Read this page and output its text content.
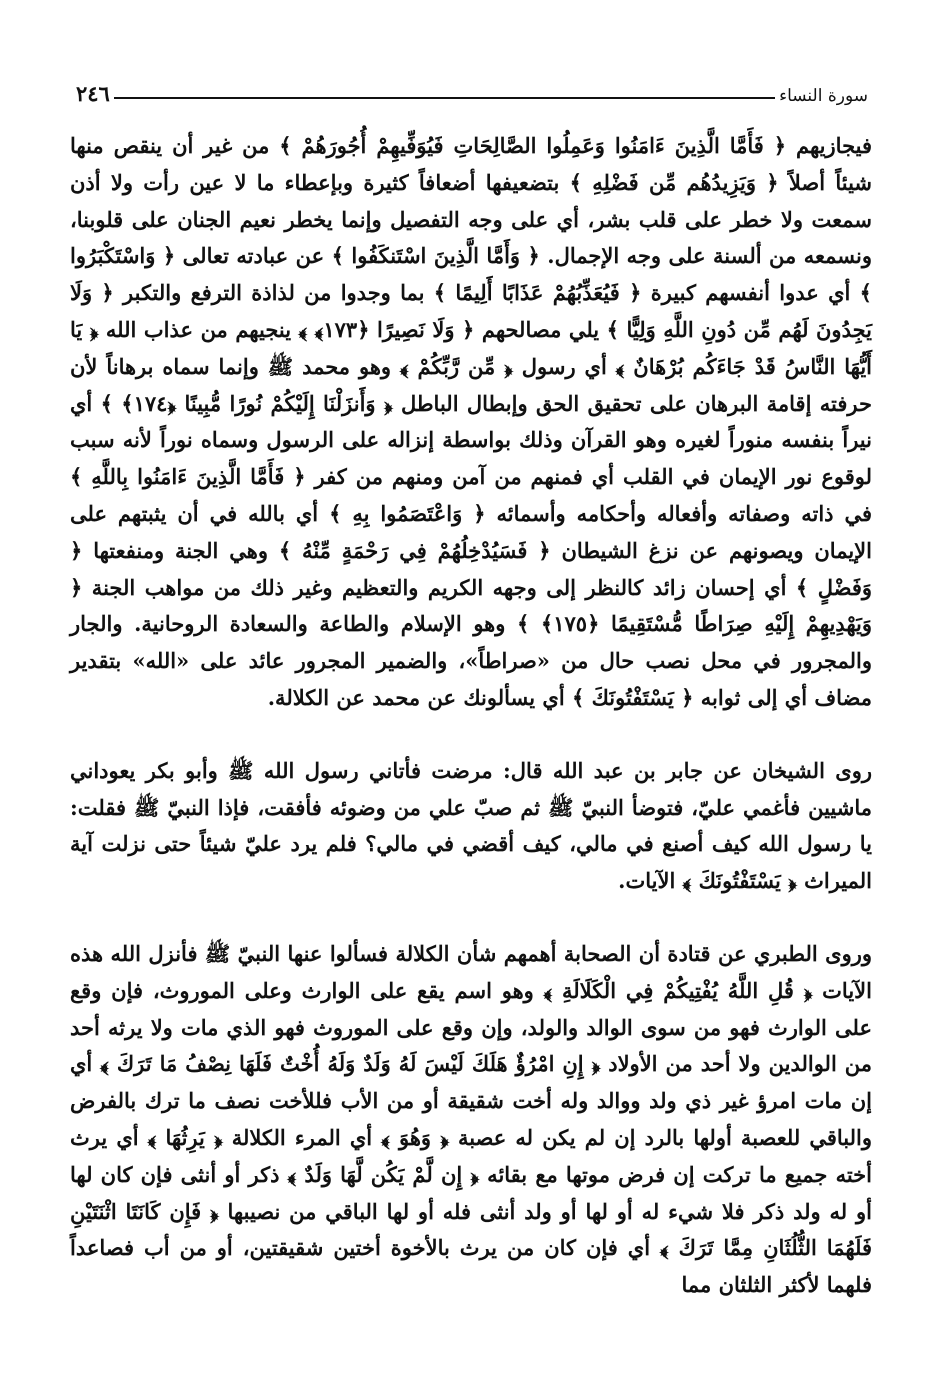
سورة النساء
٢٤٦

فيجازيهم ﴿ فَأَمَّا الَّذِينَ ءَامَنُوا وَعَمِلُوا الصَّالِحَاتِ فَيُوَفِّيهِمْ أُجُورَهُمْ ﴾ من غير أن ينقص منها شيئاً أصلاً ﴿ وَيَزِيدُهُم مِّن فَضْلِهِ ﴾ بتضعيفها أضعافاً كثيرة وبإعطاء ما لا عين رأت ولا أذن سمعت ولا خطر على قلب بشر، أي على وجه التفصيل وإنما يخطر نعيم الجنان على قلوبنا، ونسمعه من ألسنة على وجه الإجمال. ﴿ وَأَمَّا الَّذِينَ اسْتَنكَفُوا ﴾ عن عبادته تعالى ﴿ وَاسْتَكْبَرُوا ﴾ أي عدوا أنفسهم كبيرة ﴿ فَيُعَذِّبُهُمْ عَذَابًا أَلِيمًا ﴾ بما وجدوا من لذاذة الترفع والتكبر ﴿ وَلَا يَجِدُونَ لَهُم مِّن دُونِ اللَّهِ وَلِيًّا ﴾ يلي مصالحهم ﴿ وَلَا نَصِيرًا ﴿١٧٣﴾ ﴾ ينجيهم من عذاب الله ﴿ يَا أَيُّهَا النَّاسُ قَدْ جَاءَكُم بُرْهَانٌ ﴾ أي رسول ﴿ مِّن رَّبِّكُمْ ﴾ وهو محمد ﷺ وإنما سماه برهاناً لأن حرفته إقامة البرهان على تحقيق الحق وإبطال الباطل ﴿ وَأَنزَلْنَا إِلَيْكُمْ نُورًا مُّبِينًا ﴿١٧٤﴾ ﴾ أي نيراً بنفسه منوراً لغيره وهو القرآن وذلك بواسطة إنزاله على الرسول وسماه نوراً لأنه سبب لوقوع نور الإيمان في القلب أي فمنهم من آمن ومنهم من كفر ﴿ فَأَمَّا الَّذِينَ ءَامَنُوا بِاللَّهِ ﴾ في ذاته وصفاته وأفعاله وأحكامه وأسمائه ﴿ وَاعْتَصَمُوا بِهِ ﴾ أي بالله في أن يثبتهم على الإيمان ويصونهم عن نزغ الشيطان ﴿ فَسَيُدْخِلُهُمْ فِي رَحْمَةٍ مِّنْهُ ﴾ وهي الجنة ومنفعتها ﴿ وَفَضْلٍ ﴾ أي إحسان زائد كالنظر إلى وجهه الكريم والتعظيم وغير ذلك من مواهب الجنة ﴿ وَيَهْدِيهِمْ إِلَيْهِ صِرَاطًا مُّسْتَقِيمًا ﴿١٧٥﴾ ﴾ وهو الإسلام والطاعة والسعادة الروحانية. والجار والمجرور في محل نصب حال من «صراطاً»، والضمير المجرور عائد على «الله» بتقدير مضاف أي إلى ثوابه ﴿ يَسْتَفْتُونَكَ ﴾ أي يسألونك عن محمد عن الكلالة.

روى الشيخان عن جابر بن عبد الله قال: مرضت فأتاني رسول الله ﷺ وأبو بكر يعوداني ماشيين فأغمي عليّ، فتوضأ النبيّ ﷺ ثم صبّ علي من وضوئه فأفقت، فإذا النبيّ ﷺ فقلت: يا رسول الله كيف أصنع في مالي، كيف أقضي في مالي؟ فلم يرد عليّ شيئاً حتى نزلت آية الميراث ﴿ يَسْتَفْتُونَكَ ﴾ الآيات.

وروى الطبري عن قتادة أن الصحابة أهمهم شأن الكلالة فسألوا عنها النبيّ ﷺ فأنزل الله هذه الآيات ﴿ قُلِ اللَّهُ يُفْتِيكُمْ فِي الْكَلَالَةِ ﴾ وهو اسم يقع على الوارث وعلى الموروث، فإن وقع على الوارث فهو من سوى الوالد والولد، وإن وقع على الموروث فهو الذي مات ولا يرثه أحد من الوالدين ولا أحد من الأولاد ﴿ إِنِ امْرُؤٌ هَلَكَ لَيْسَ لَهُ وَلَدٌ وَلَهُ أُخْتٌ فَلَهَا نِصْفُ مَا تَرَكَ ﴾ أي إن مات امرؤ غير ذي ولد ووالد وله أخت شقيقة أو من الأب فللأخت نصف ما ترك بالفرض والباقي للعصبة أولها بالرد إن لم يكن له عصبة ﴿ وَهُوَ ﴾ أي المرء الكلالة ﴿ يَرِثُهَا ﴾ أي يرث أخته جميع ما تركت إن فرض موتها مع بقائه ﴿ إِن لَّمْ يَكُن لَّهَا وَلَدٌ ﴾ ذكر أو أنثى فإن كان لها أو له ولد ذكر فلا شيء له أو لها أو ولد أنثى فله أو لها الباقي من نصيبها ﴿ فَإِن كَانَتَا اثْنَتَيْنِ فَلَهُمَا الثُّلُثَانِ مِمَّا تَرَكَ ﴾ أي فإن كان من يرث بالأخوة أختين شقيقتين، أو من أب فصاعداً فلهما لأكثر الثلثان مما
